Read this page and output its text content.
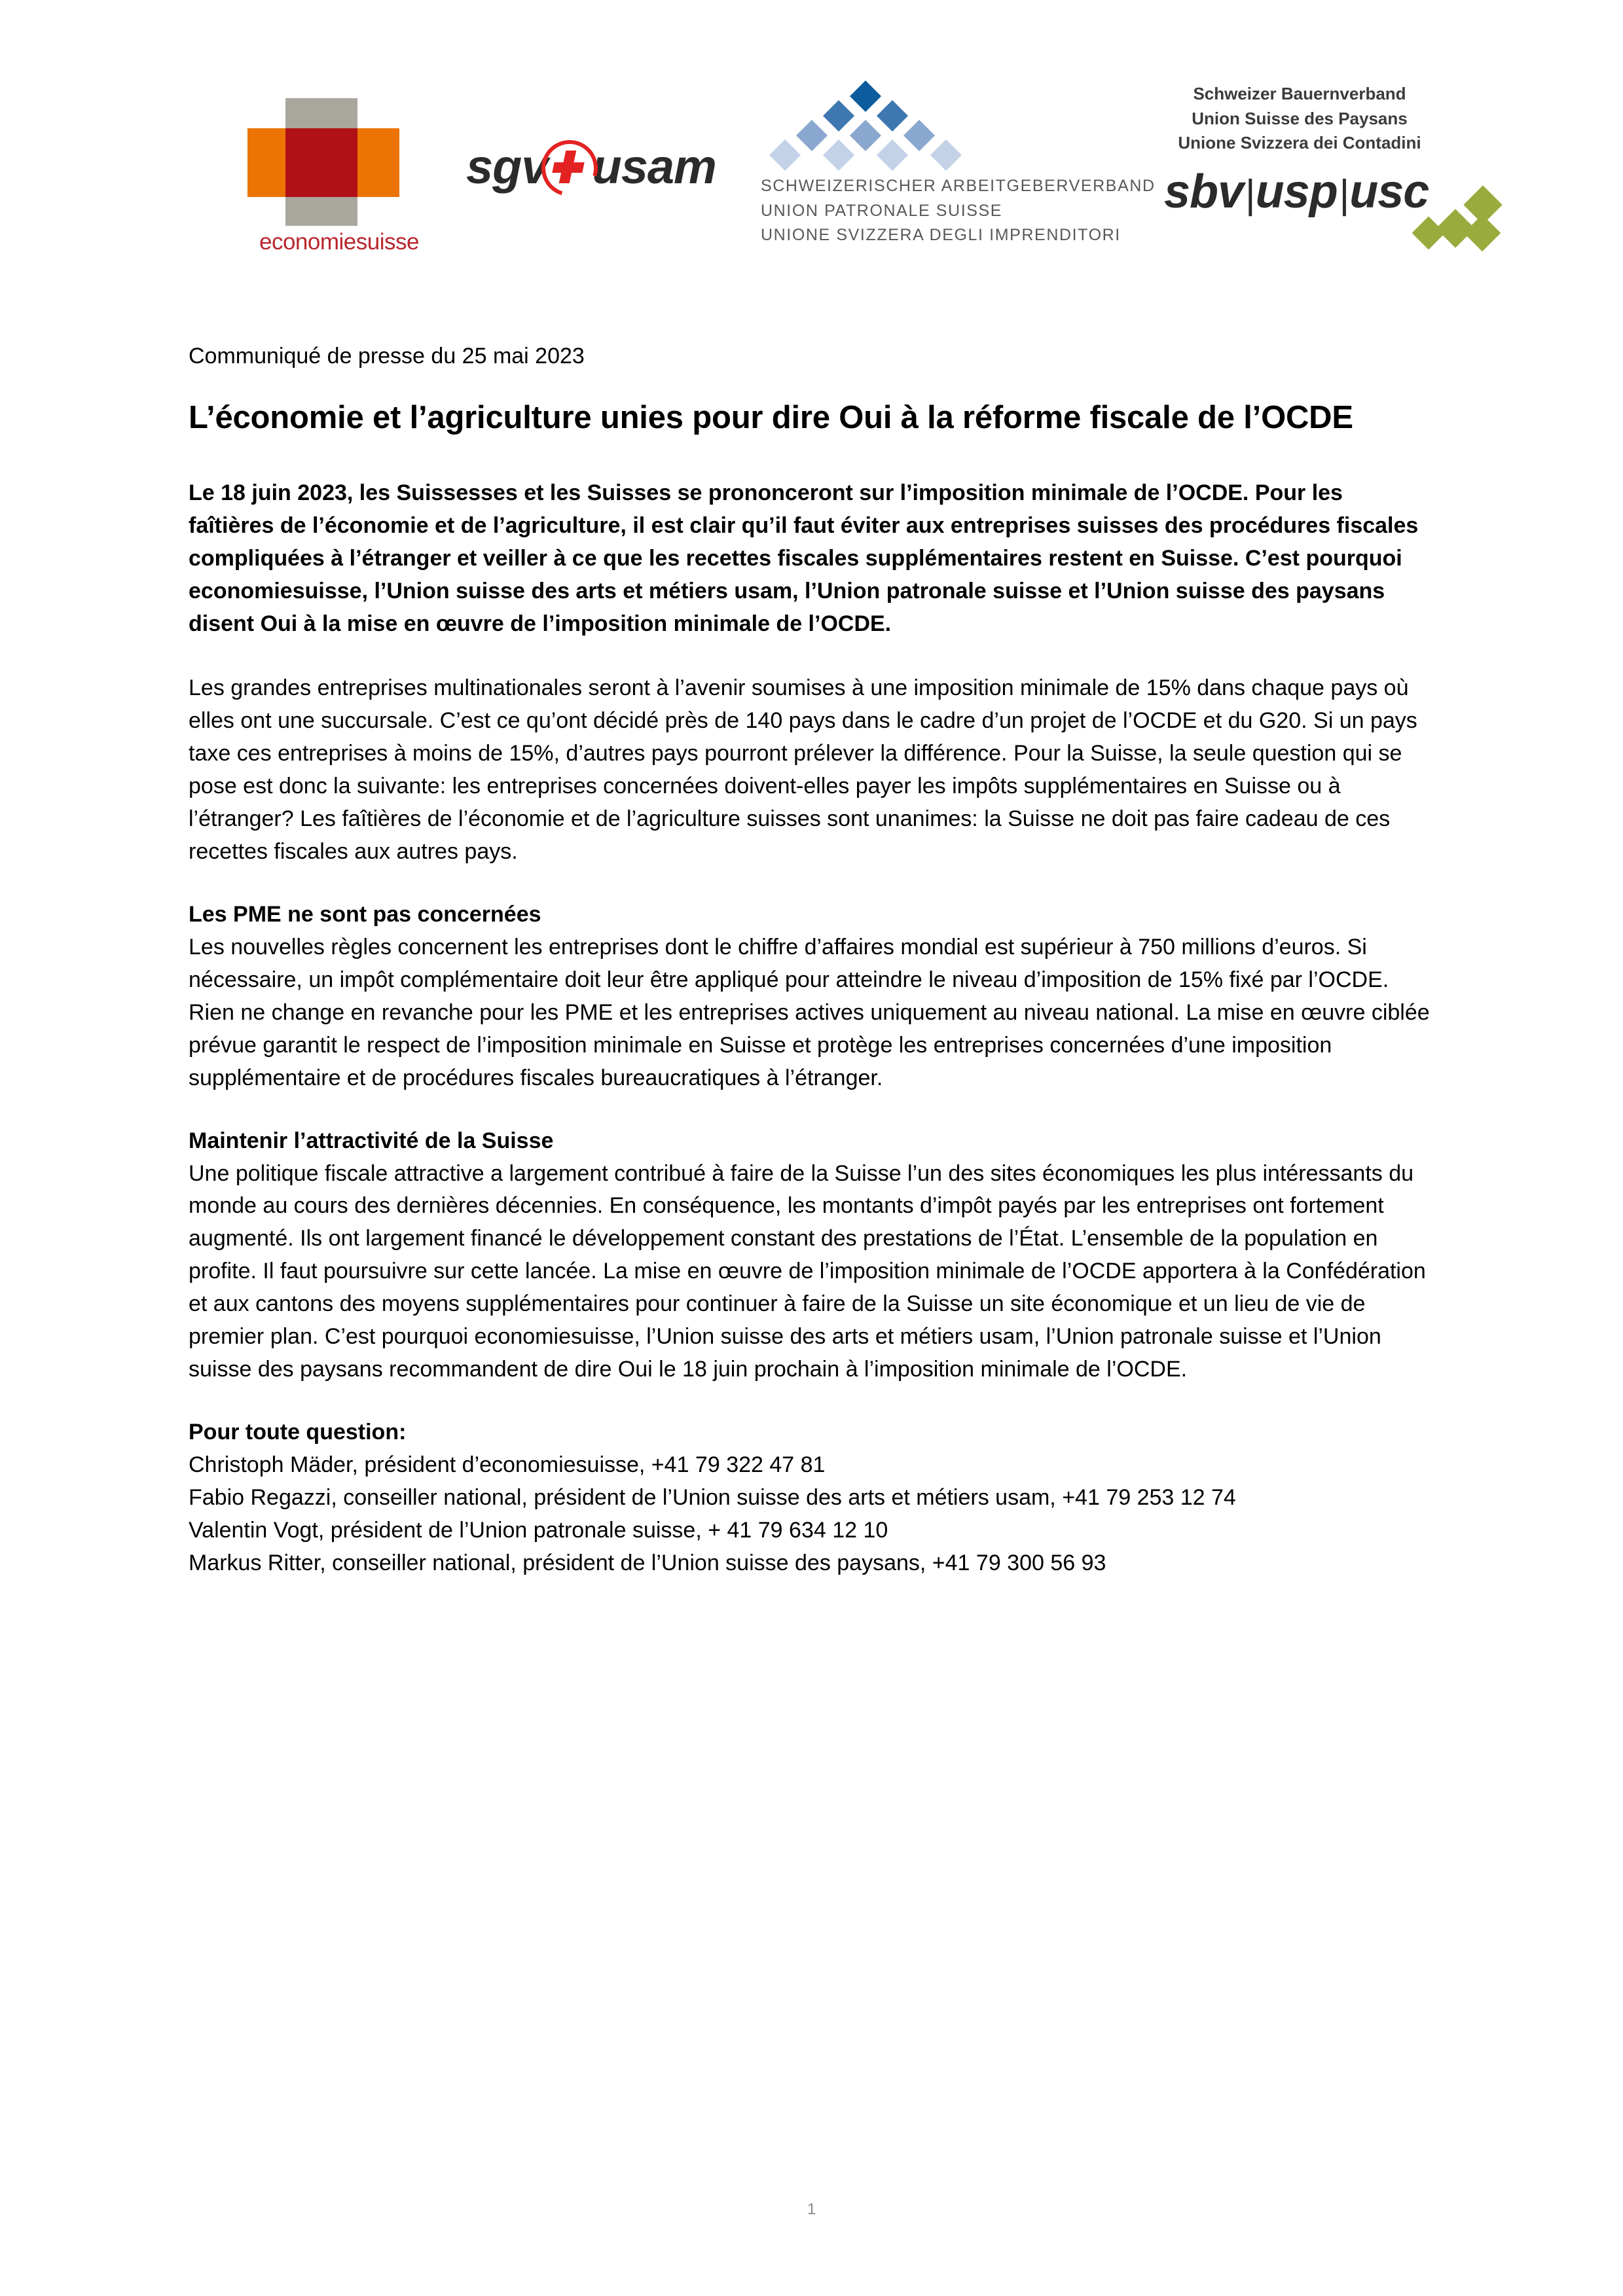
economiesuisse
sgv usam	SCHWEIZERISCHER ARBEITGEBERVERBAND
UNION PATRONALE SUISSE
UNIONE SVIZZERA DEGLI IMPRENDITORI
Schweizer Bauernverband
Union Suisse des Paysans
Unione Svizzera dei Contadini
sbv|usp|usc
Communiqué de presse du 25 mai 2023
L’économie et l’agriculture unies pour dire Oui à la réforme fiscale de l’OCDE

Le 18 juin 2023, les Suissesses et les Suisses se prononceront sur l’imposition minimale de l’OCDE. Pour les faîtières de l’économie et de l’agriculture, il est clair qu’il faut éviter aux entreprises suisses des procédures fiscales compliquées à l’étranger et veiller à ce que les recettes fiscales supplémentaires restent en Suisse. C’est pourquoi economiesuisse, l’Union suisse des arts et métiers usam, l’Union patronale suisse et l’Union suisse des paysans disent Oui à la mise en œuvre de l’imposition minimale de l’OCDE.

Les grandes entreprises multinationales seront à l’avenir soumises à une imposition minimale de 15% dans chaque pays où elles ont une succursale. C’est ce qu’ont décidé près de 140 pays dans le cadre d’un projet de l’OCDE et du G20. Si un pays taxe ces entreprises à moins de 15%, d’autres pays pourront prélever la différence. Pour la Suisse, la seule question qui se pose est donc la suivante: les entreprises concernées doivent-elles payer les impôts supplémentaires en Suisse ou à l’étranger? Les faîtières de l’économie et de l’agriculture suisses sont unanimes: la Suisse ne doit pas faire cadeau de ces recettes fiscales aux autres pays.

Les PME ne sont pas concernées

Les nouvelles règles concernent les entreprises dont le chiffre d’affaires mondial est supérieur à 750 millions d’euros. Si nécessaire, un impôt complémentaire doit leur être appliqué pour atteindre le niveau d’imposition de 15% fixé par l’OCDE. Rien ne change en revanche pour les PME et les entreprises actives uniquement au niveau national. La mise en œuvre ciblée prévue garantit le respect de l’imposition minimale en Suisse et protège les entreprises concernées d’une imposition supplémentaire et de procédures fiscales bureaucratiques à l’étranger.

Maintenir l’attractivité de la Suisse

Une politique fiscale attractive a largement contribué à faire de la Suisse l’un des sites économiques les plus intéressants du monde au cours des dernières décennies. En conséquence, les montants d’impôt payés par les entreprises ont fortement augmenté. Ils ont largement financé le développement constant des prestations de l’État. L’ensemble de la population en profite. Il faut poursuivre sur cette lancée. La mise en œuvre de l’imposition minimale de l’OCDE apportera à la Confédération et aux cantons des moyens supplémentaires pour continuer à faire de la Suisse un site économique et un lieu de vie de premier plan. C’est pourquoi economiesuisse, l’Union suisse des arts et métiers usam, l’Union patronale suisse et l’Union suisse des paysans recommandent de dire Oui le 18 juin prochain à l’imposition minimale de l’OCDE.

Pour toute question:
Christoph Mäder, président d’economiesuisse, +41 79 322 47 81
Fabio Regazzi, conseiller national, président de l’Union suisse des arts et métiers usam, +41 79 253 12 74
Valentin Vogt, président de l’Union patronale suisse, + 41 79 634 12 10
Markus Ritter, conseiller national, président de l’Union suisse des paysans, +41 79 300 56 93
1
